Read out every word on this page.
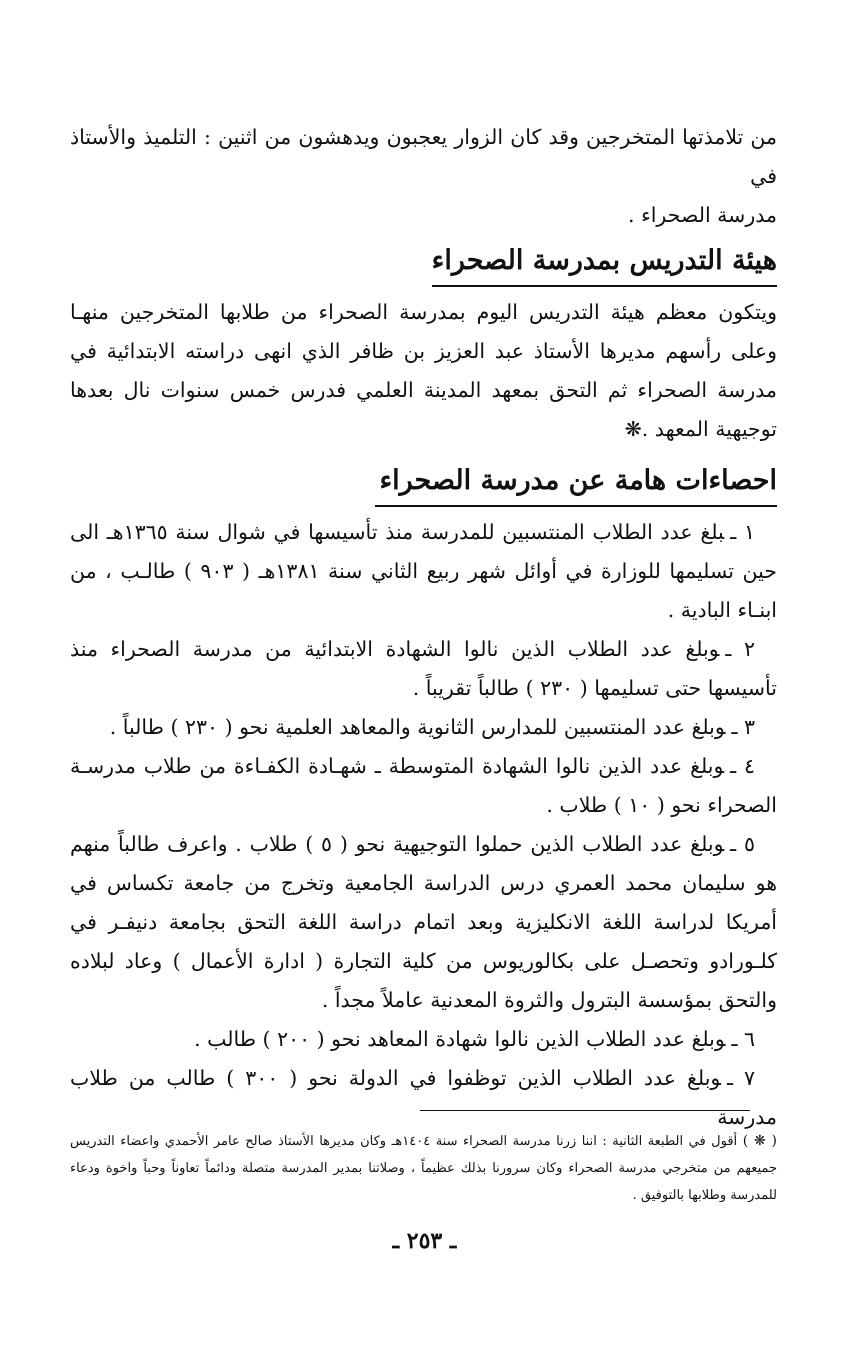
من تلامذتها المتخرجين وقد كان الزوار يعجبون ويدهشون من اثنين : التلميذ والأستاذ في

مدرسة الصحراء .

هيئة التدريس بمدرسة الصحراء

ويتكون معظم هيئة التدريس اليوم بمدرسة الصحراء من طلابها المتخرجين منهـا وعلى رأسهم مديرها الأستاذ عبد العزيز بن ظافر الذي انهى دراسته الابتدائية في مدرسة الصحراء ثم التحق بمعهد المدينة العلمي فدرس خمس سنوات نال بعدها توجيهية المعهد .❋

احصاءات هامة عن مدرسة الصحراء

١ ـبلغ عدد الطلاب المنتسبين للمدرسة منذ تأسيسها في شوال سنة ١٣٦٥هـ الى حين تسليمها للوزارة في أوائل شهر ربيع الثاني سنة ١٣٨١هـ ( ٩٠٣ ) طالـب ، من ابنـاء البادية .

٢ ـوبلغ عدد الطلاب الذين نالوا الشهادة الابتدائية من مدرسة الصحراء منذ تأسيسها حتى تسليمها ( ٢٣٠ ) طالباً تقريباً .

٣ ـوبلغ عدد المنتسبين للمدارس الثانوية والمعاهد العلمية نحو ( ٢٣٠ ) طالباً .

٤ ـوبلغ عدد الذين نالوا الشهادة المتوسطة ـ شهـادة الكفـاءة من طلاب مدرسـة الصحراء نحو ( ١٠ ) طلاب .

٥ ـوبلغ عدد الطلاب الذين حملوا التوجيهية نحو ( ٥ ) طلاب . واعرف طالباً منهم هو سليمان محمد العمري درس الدراسة الجامعية وتخرج من جامعة تكساس في أمريكا لدراسة اللغة الانكليزية وبعد اتمام دراسة اللغة التحق بجامعة دنيفـر في كلـورادو وتحصـل على بكالوريوس من كلية التجارة ( ادارة الأعمال ) وعاد لبلاده والتحق بمؤسسة البترول والثروة المعدنية عاملاً مجداً .

٦ ـوبلغ عدد الطلاب الذين نالوا شهادة المعاهد نحو ( ٢٠٠ ) طالب .

٧ ـوبلغ عدد الطلاب الذين توظفوا في الدولة نحو ( ٣٠٠ ) طالب من طلاب مدرسة

( ❋ ) أقول في الطبعة الثانية : اننا زرنا مدرسة الصحراء سنة ١٤٠٤هـ وكان مديرها الأستاذ صالح عامر الأحمدي واعضاء التدريس جميعهم من متخرجي مدرسة الصحراء وكان سرورنا بذلك عظيماً ، وصلاتنا بمدير المدرسة متصلة ودائماً تعاوناً وحباً واخوة ودعاء للمدرسة وطلابها بالتوفيق .
ـ ٢٥٣ ـ
